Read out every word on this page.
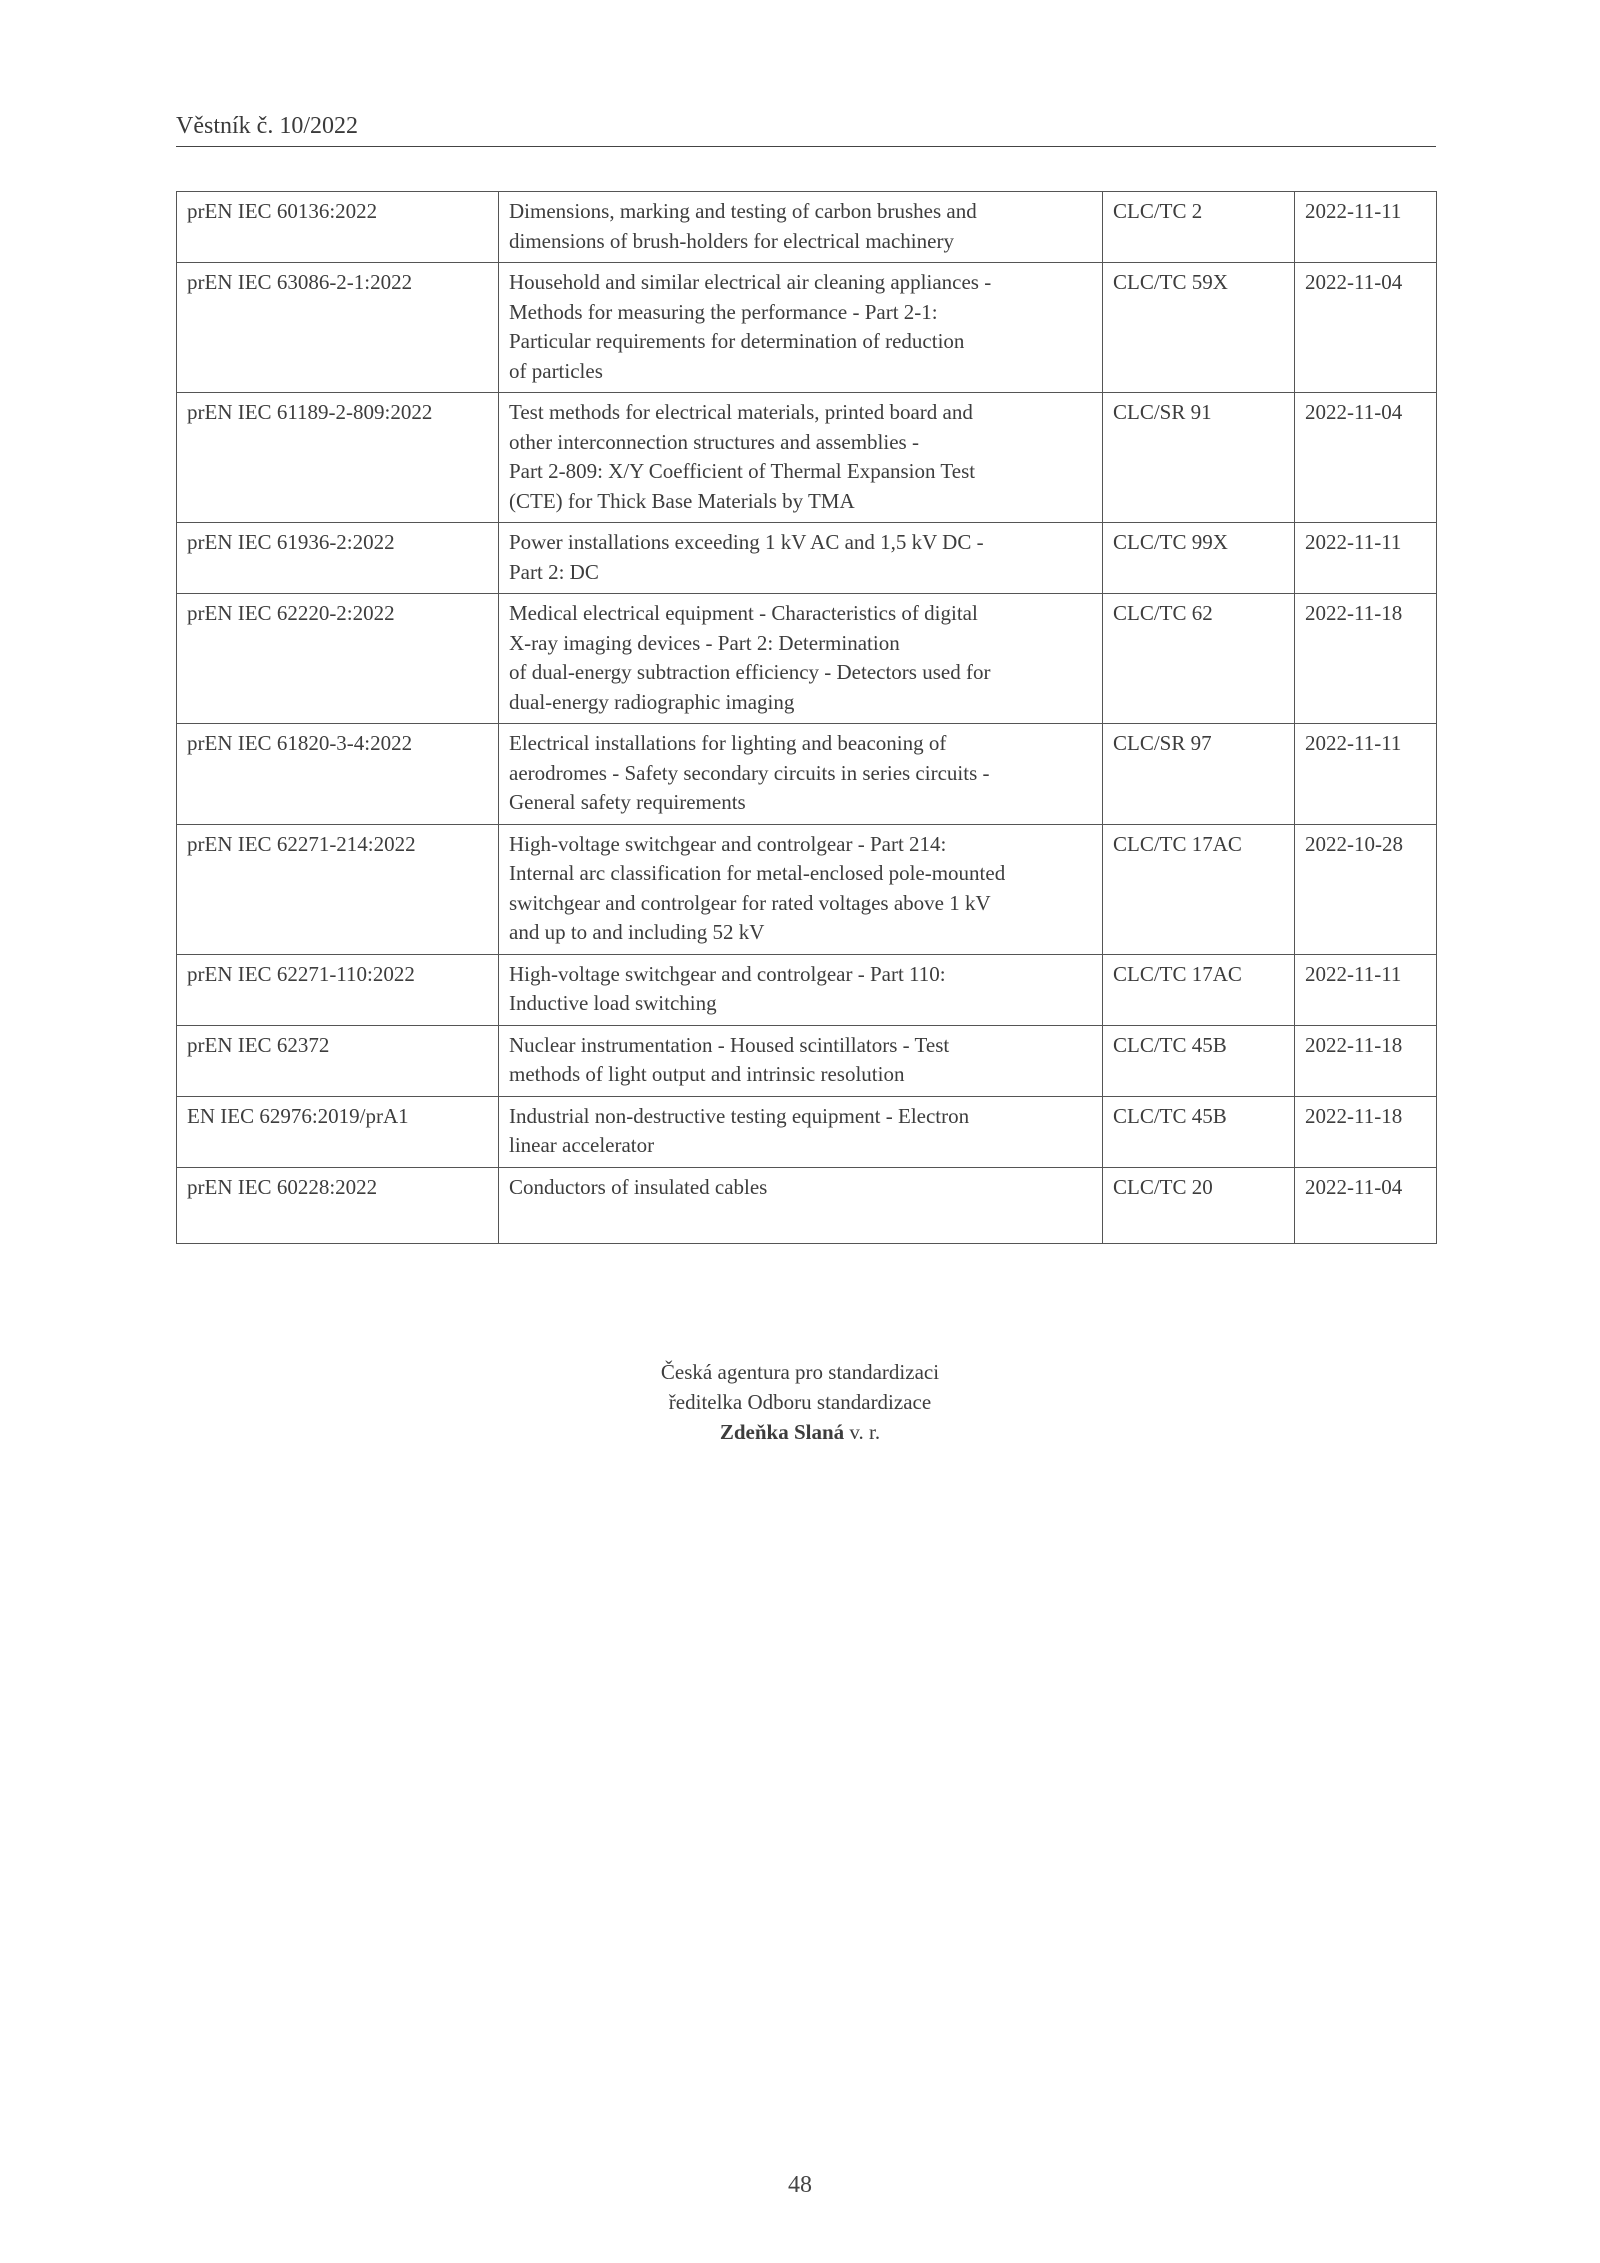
Věstník č. 10/2022
prEN IEC 60136:2022	Dimensions, marking and testing of carbon brushes and
dimensions of brush-holders for electrical machinery	CLC/TC 2	2022-11-11
prEN IEC 63086-2-1:2022	Household and similar electrical air cleaning appliances -
Methods for measuring the performance - Part 2-1:
Particular requirements for determination of reduction
of particles	CLC/TC 59X	2022-11-04
prEN IEC 61189-2-809:2022	Test methods for electrical materials, printed board and
other interconnection structures and assemblies -
Part 2-809: X/Y Coefficient of Thermal Expansion Test
(CTE) for Thick Base Materials by TMA	CLC/SR 91	2022-11-04
prEN IEC 61936-2:2022	Power installations exceeding 1 kV AC and 1,5 kV DC -
Part 2: DC	CLC/TC 99X	2022-11-11
prEN IEC 62220-2:2022	Medical electrical equipment - Characteristics of digital
X-ray imaging devices - Part 2: Determination
of dual-energy subtraction efficiency - Detectors used for
dual-energy radiographic imaging	CLC/TC 62	2022-11-18
prEN IEC 61820-3-4:2022	Electrical installations for lighting and beaconing of
aerodromes - Safety secondary circuits in series circuits -
General safety requirements	CLC/SR 97	2022-11-11
prEN IEC 62271-214:2022	High-voltage switchgear and controlgear - Part 214:
Internal arc classification for metal-enclosed pole-mounted
switchgear and controlgear for rated voltages above 1 kV
and up to and including 52 kV	CLC/TC 17AC	2022-10-28
prEN IEC 62271-110:2022	High-voltage switchgear and controlgear - Part 110:
Inductive load switching	CLC/TC 17AC	2022-11-11
prEN IEC 62372	Nuclear instrumentation - Housed scintillators - Test
methods of light output and intrinsic resolution	CLC/TC 45B	2022-11-18
EN IEC 62976:2019/prA1	Industrial non-destructive testing equipment - Electron
linear accelerator	CLC/TC 45B	2022-11-18
prEN IEC 60228:2022	Conductors of insulated cables	CLC/TC 20	2022-11-04
Česká agentura pro standardizaci
ředitelka Odboru standardizace
Zdeňka Slaná v. r.
48
